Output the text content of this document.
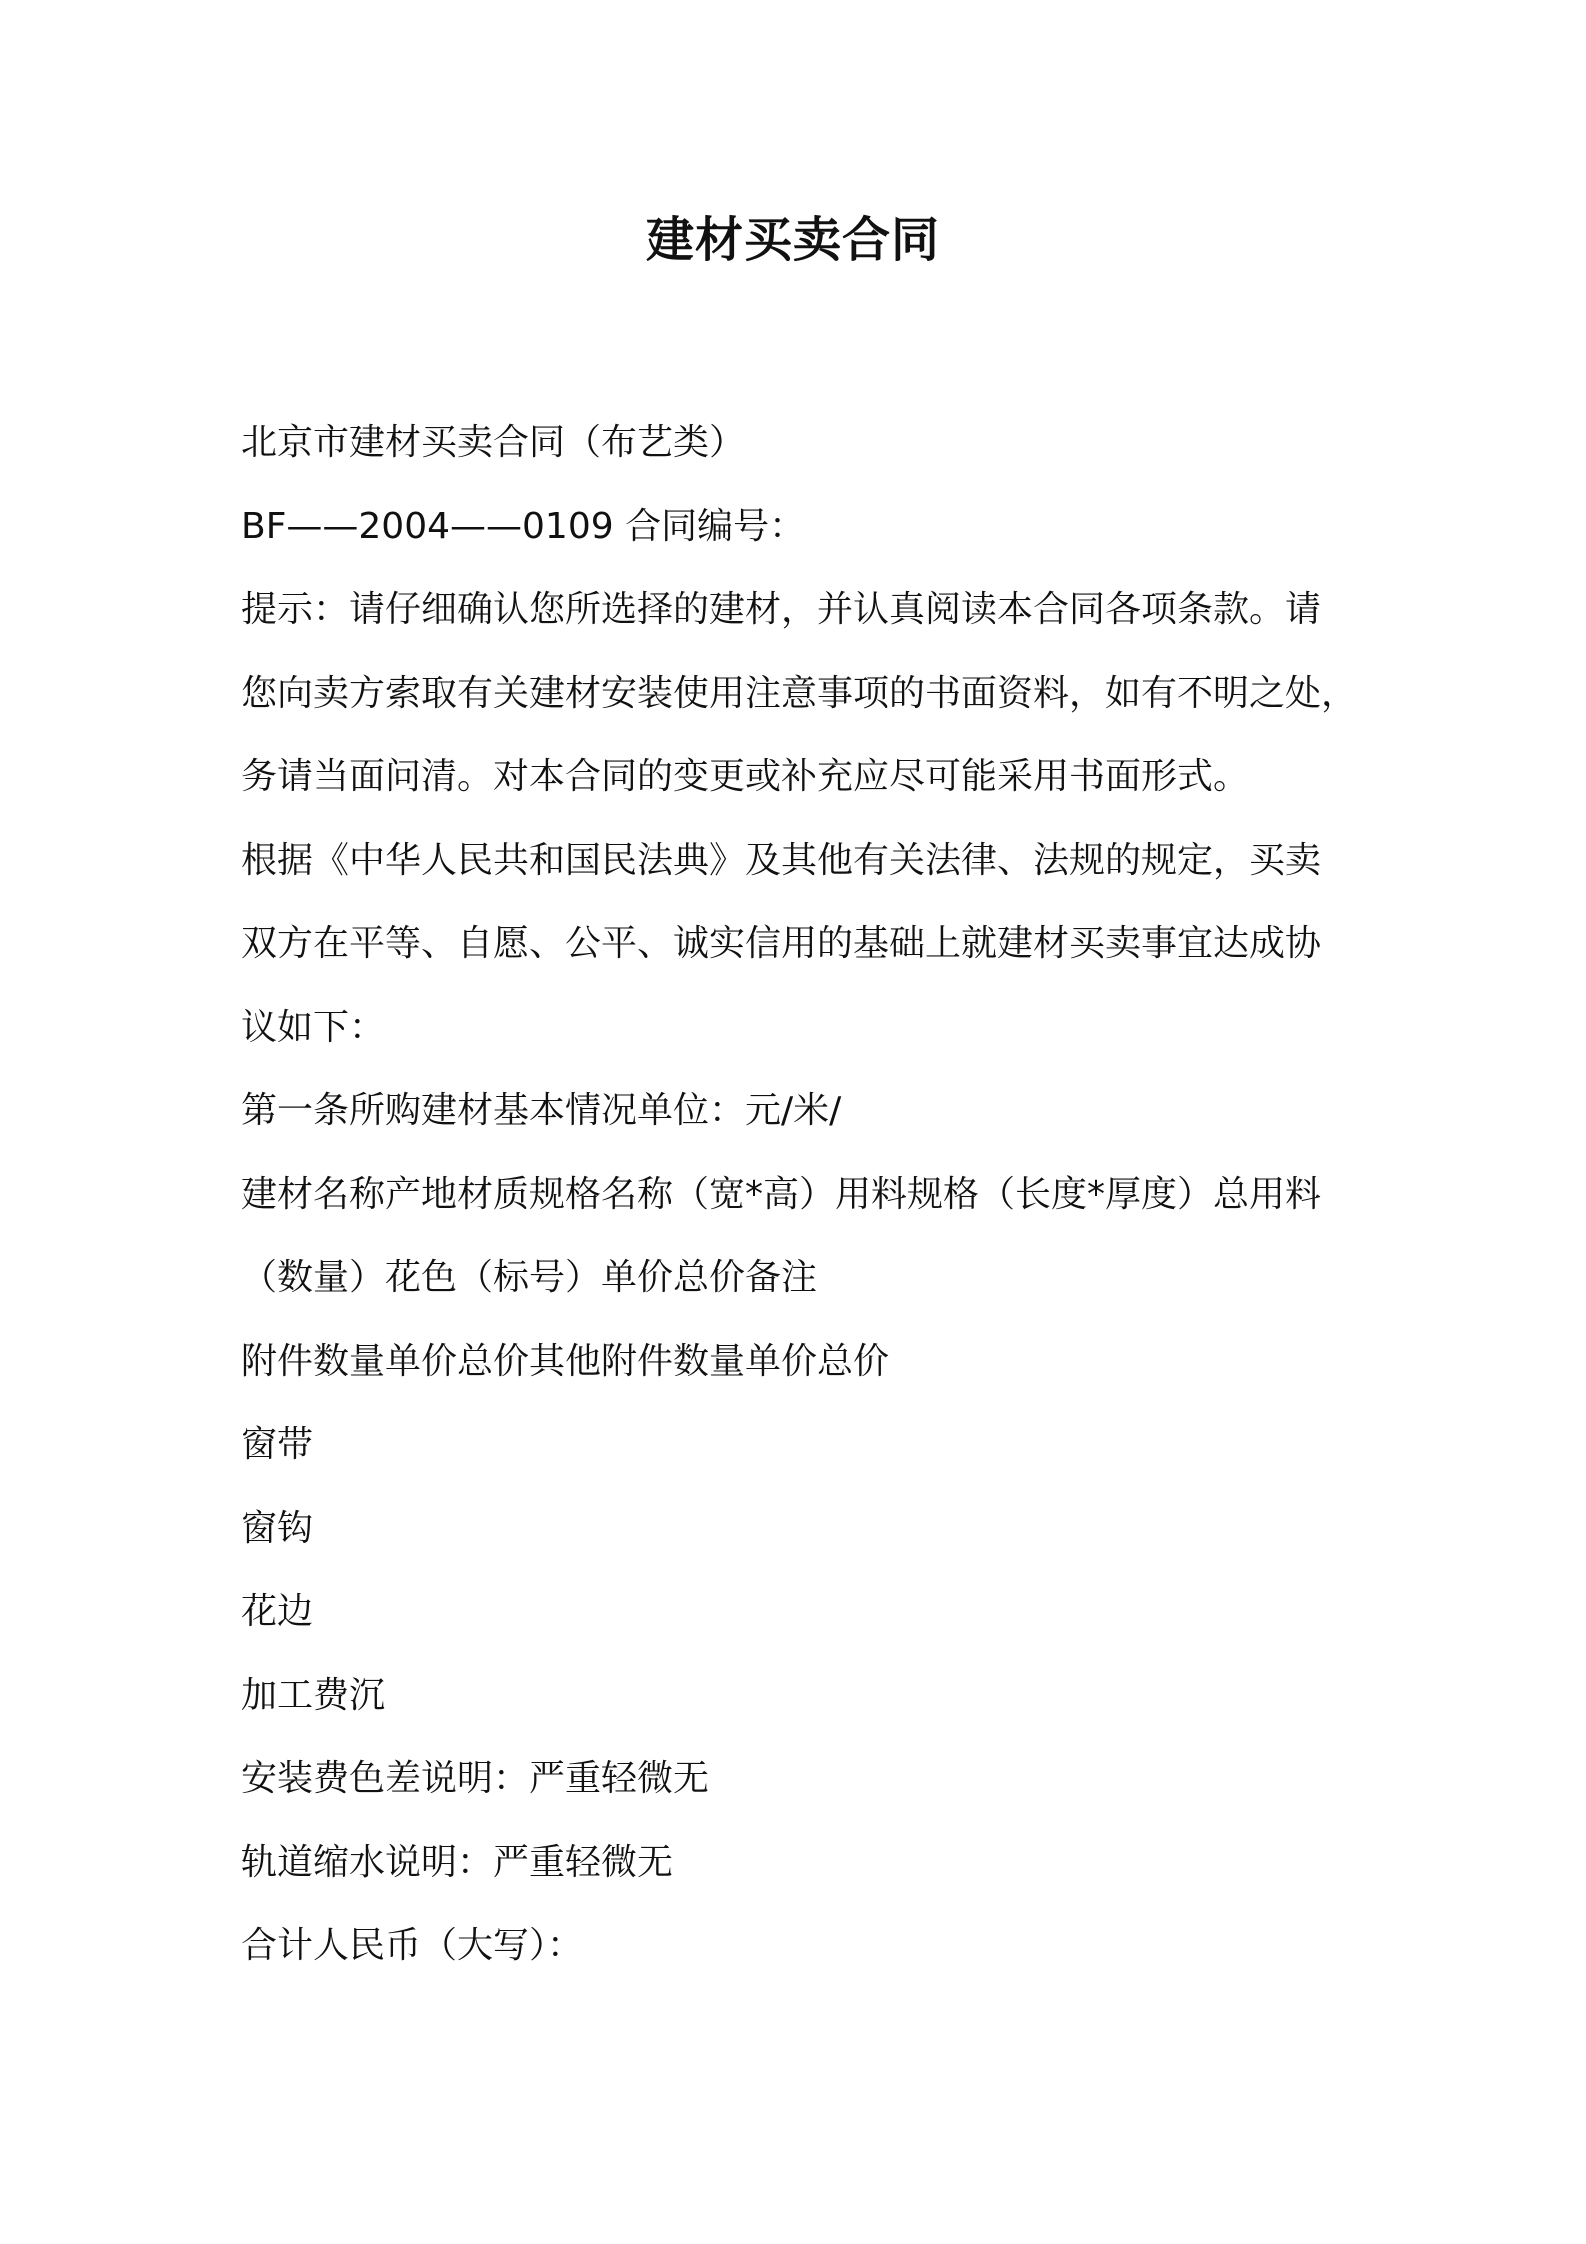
建材买卖合同
北京市建材买卖合同（布艺类）
BF——2004——0109 合同编号：
提示：请仔细确认您所选择的建材，并认真阅读本合同各项条款。请
您向卖方索取有关建材安装使用注意事项的书面资料，如有不明之处，
务请当面问清。对本合同的变更或补充应尽可能采用书面形式。
根据《中华人民共和国民法典》及其他有关法律、法规的规定，买卖
双方在平等、自愿、公平、诚实信用的基础上就建材买卖事宜达成协
议如下：
第一条所购建材基本情况单位：元/米/
建材名称产地材质规格名称（宽*高）用料规格（长度*厚度）总用料
（数量）花色（标号）单价总价备注
附件数量单价总价其他附件数量单价总价
窗带
窗钩
花边
加工费沉
安装费色差说明：严重轻微无
轨道缩水说明：严重轻微无
合计人民币（大写）：
